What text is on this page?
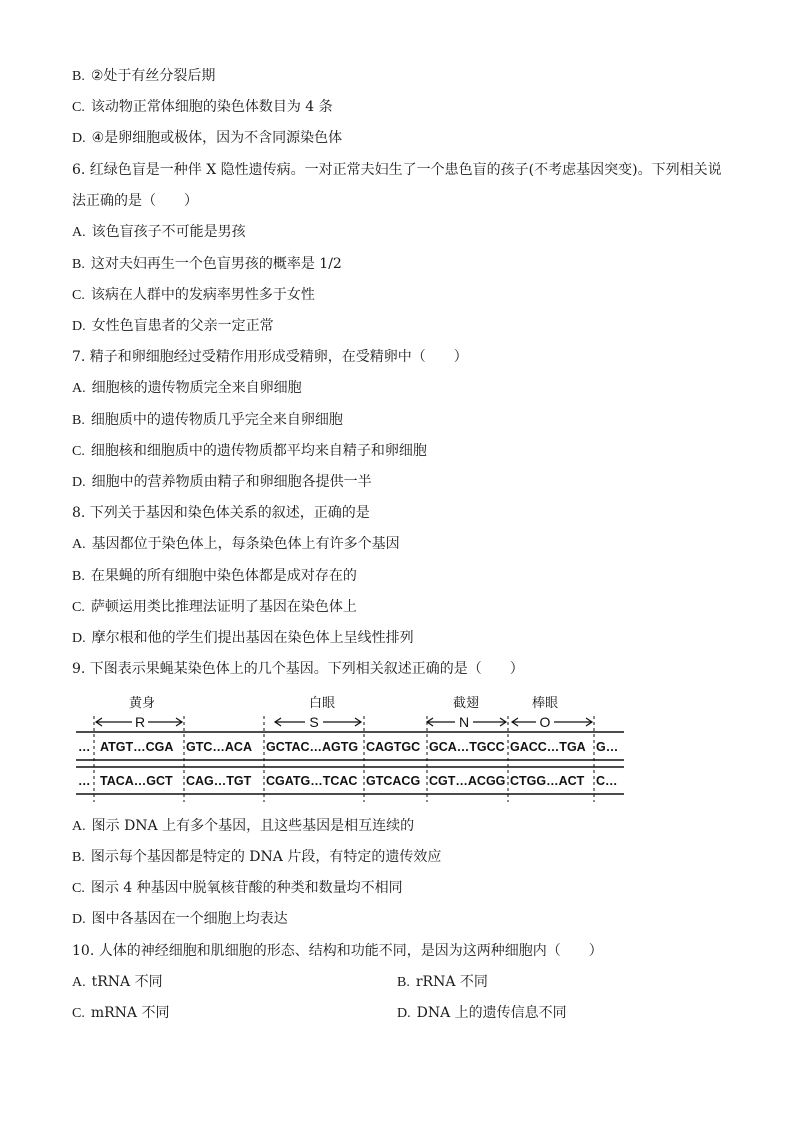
B. ②处于有丝分裂后期
C. 该动物正常体细胞的染色体数目为 4 条
D. ④是卵细胞或极体，因为不含同源染色体
6. 红绿色盲是一种伴 X 隐性遗传病。一对正常夫妇生了一个患色盲的孩子(不考虑基因突变)。下列相关说
法正确的是（　　）
A. 该色盲孩子不可能是男孩
B. 这对夫妇再生一个色盲男孩的概率是 1/2
C. 该病在人群中的发病率男性多于女性
D. 女性色盲患者的父亲一定正常
7. 精子和卵细胞经过受精作用形成受精卵，在受精卵中（　　）
A. 细胞核的遗传物质完全来自卵细胞
B. 细胞质中的遗传物质几乎完全来自卵细胞
C. 细胞核和细胞质中的遗传物质都平均来自精子和卵细胞
D. 细胞中的营养物质由精子和卵细胞各提供一半
8. 下列关于基因和染色体关系的叙述，正确的是
A. 基因都位于染色体上，每条染色体上有许多个基因
B. 在果蝇的所有细胞中染色体都是成对存在的
C. 萨顿运用类比推理法证明了基因在染色体上
D. 摩尔根和他的学生们提出基因在染色体上呈线性排列
9. 下图表示果蝇某染色体上的几个基因。下列相关叙述正确的是（　　）
A. 图示 DNA 上有多个基因，且这些基因是相互连续的
B. 图示每个基因都是特定的 DNA 片段，有特定的遗传效应
C. 图示 4 种基因中脱氧核苷酸的种类和数量均不相同
D. 图中各基因在一个细胞上均表达
10. 人体的神经细胞和肌细胞的形态、结构和功能不同，是因为这两种细胞内（　　）
A. tRNA 不同	B. rRNA 不同
C. mRNA 不同	D. DNA 上的遗传信息不同
黄身	白眼	截翅	棒眼
R	S	N	O
… ATGT…CGA GTC…ACA GCTAC…AGTG CAGTGC GCA…TGCC GACC…TGA G…
… TACA…GCT CAG…TGT CGATG…TCAC GTCACG CGT…ACGG CTGG…ACT C…
